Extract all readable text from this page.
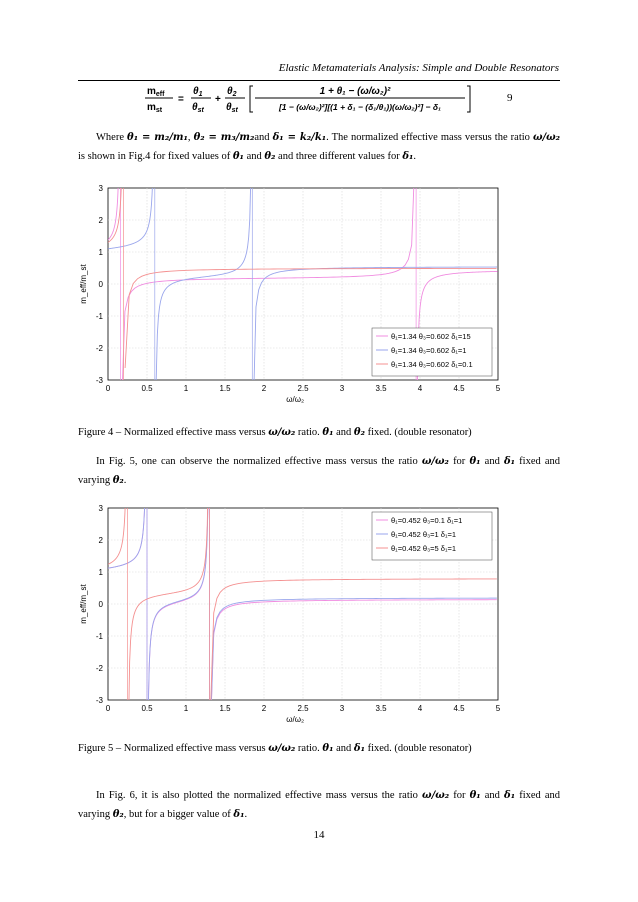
Elastic Metamaterials Analysis: Simple and Double Resonators
$m_{eff}$
$m_{st}$
=
$\theta_1$
$\theta_{st}$
+
$\theta_2$
$\theta_{st}$
1 + θ₁ − (ω/ω₂)²
[1 − (ω/ω₂)²][(1 + δ₁ − (δ₁/θ₁))(ω/ω₂)²] − δ₁
9
Where θ₁ = m₂/m₁, θ₂ = m₃/m₂and δ₁ = k₂/k₁. The normalized effective mass versus the ratio ω/ω₂ is shown in Fig.4 for fixed values of θ₁ and θ₂ and three different values for δ₁.
0	0.5	1	1.5	2	2.5	3	3.5	4	4.5	5
-3
-2
-1
0
1
2
3
ω/ω₂
m_eff/m_st
θ₁=1.34 θ₃=0.602 δ₁=15
θ₁=1.34 θ₃=0.602 δ₁=1
θ₁=1.34 θ₃=0.602 δ₁=0.1
Figure 4 – Normalized effective mass versus ω/ω₂ ratio. θ₁ and θ₂ fixed. (double resonator)
In Fig. 5, one can observe the normalized effective mass versus the ratio ω/ω₂ for θ₁ and δ₁ fixed and varying θ₂.
0	0.5	1	1.5	2	2.5	3	3.5	4	4.5	5
-3
-2
-1
0
1
2
3
ω/ω₂
m_eff/m_st
θ₁=0.452 θ₃=0.1 δ₁=1
θ₁=0.452 θ₃=1 δ₁=1
θ₁=0.452 θ₃=5 δ₁=1
Figure 5 – Normalized effective mass versus ω/ω₂ ratio. θ₁ and δ₁ fixed. (double resonator)
In Fig. 6, it is also plotted the normalized effective mass versus the ratio ω/ω₂ for θ₁ and δ₁ fixed and varying θ₂, but for a bigger value of δ₁.
14
